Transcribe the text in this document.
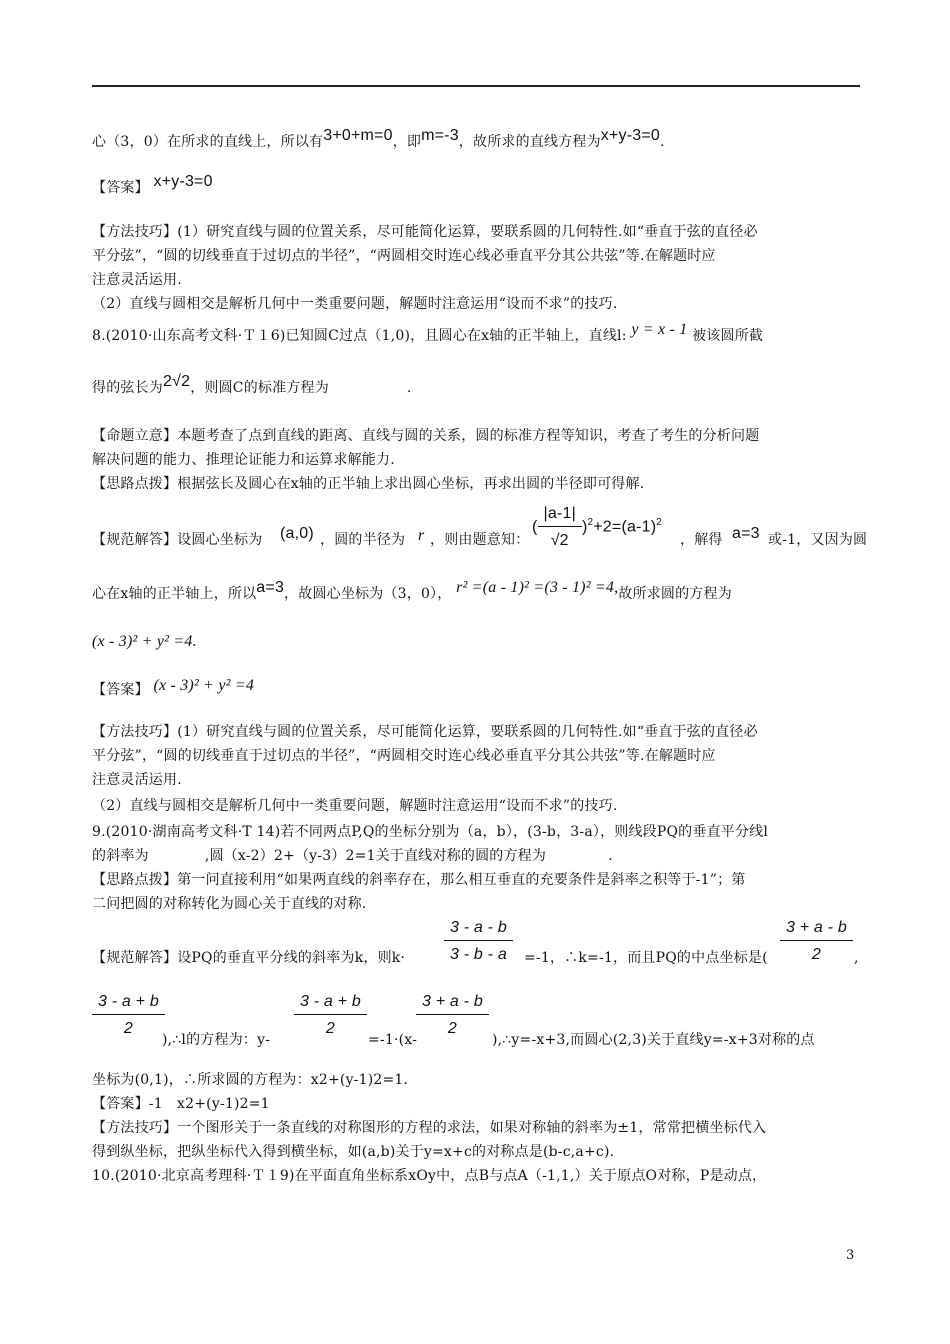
心（3，0）在所求的直线上，所以有3+0+m=0，即m=-3，故所求的直线方程为x+y-3=0.
【答案】 x+y-3=0
【方法技巧】(1）研究直线与圆的位置关系，尽可能简化运算，要联系圆的几何特性.如“垂直于弦的直径必
平分弦”，“圆的切线垂直于过切点的半径”，“两圆相交时连心线必垂直平分其公共弦”等.在解题时应
注意灵活运用.
（2）直线与圆相交是解析几何中一类重要问题，解题时注意运用“设而不求”的技巧.
8.(2010·山东高考文科·Ｔ１6)已知圆C过点（1,0)，且圆心在x轴的正半轴上，直线l: y = x - 1 被该圆所截
得的弦长为2√2，则圆C的标准方程为	.
【命题立意】本题考查了点到直线的距离、直线与圆的关系，圆的标准方程等知识，考查了考生的分析问题
解决问题的能力、推理论证能力和运算求解能力.
【思路点拨】根据弦长及圆心在x轴的正半轴上求出圆心坐标，再求出圆的半径即可得解.
【规范解答】设圆心坐标为 (a,0) ，圆的半径为 r ，则由题意知：
( $\frac{|a-1|}{√2} )^2+2=(a-1)^2$
，解得 a=3 或-1，又因为圆
心在x轴的正半轴上，所以a=3，故圆心坐标为（3，0）， r² =(a - 1)² =(3 - 1)² =4,故所求圆的方程为
(x - 3)² + y² =4.
【答案】 (x - 3)² + y² =4
【方法技巧】(1）研究直线与圆的位置关系，尽可能简化运算，要联系圆的几何特性.如“垂直于弦的直径必
平分弦”，“圆的切线垂直于过切点的半径”，“两圆相交时连心线必垂直平分其公共弦”等.在解题时应
注意灵活运用.
（2）直线与圆相交是解析几何中一类重要问题，解题时注意运用“设而不求”的技巧.
9.(2010·湖南高考文科·T 14)若不同两点P,Q的坐标分别为（a，b），(3-b，3-a），则线段PQ的垂直平分线l
的斜率为	,圆（x-2）2+（y-3）2=1关于直线对称的圆的方程为	.
【思路点拨】第一问直接利用“如果两直线的斜率存在，那么相互垂直的充要条件是斜率之积等于-1”；第
二问把圆的对称转化为圆心关于直线的对称.
【规范解答】设PQ的垂直平分线的斜率为k，则$k\cdot \frac{3 - a - b}{3 - b - a} =-1$，∴k=-1，而且PQ的中点坐标是( $\frac{3 + a - b}{2}$ ,
$\frac{3 - a + b}{2}$
),∴l的方程为：y-
$\frac{3 - a + b}{2}$
=-1·(x-
$\frac{3 + a - b}{2}$
),∴y=-x+3,而圆心(2,3)关于直线y=-x+3对称的点
坐标为(0,1)，∴所求圆的方程为：x2+(y-1)2=1.
【答案】-1　x2+(y-1)2=1
【方法技巧】一个图形关于一条直线的对称图形的方程的求法，如果对称轴的斜率为±1，常常把横坐标代入
得到纵坐标，把纵坐标代入得到横坐标，如(a,b)关于y=x+c的对称点是(b-c,a+c).
10.(2010·北京高考理科·Ｔ１9)在平面直角坐标系xOy中，点B与点A（-1,1,）关于原点O对称，P是动点，
3
